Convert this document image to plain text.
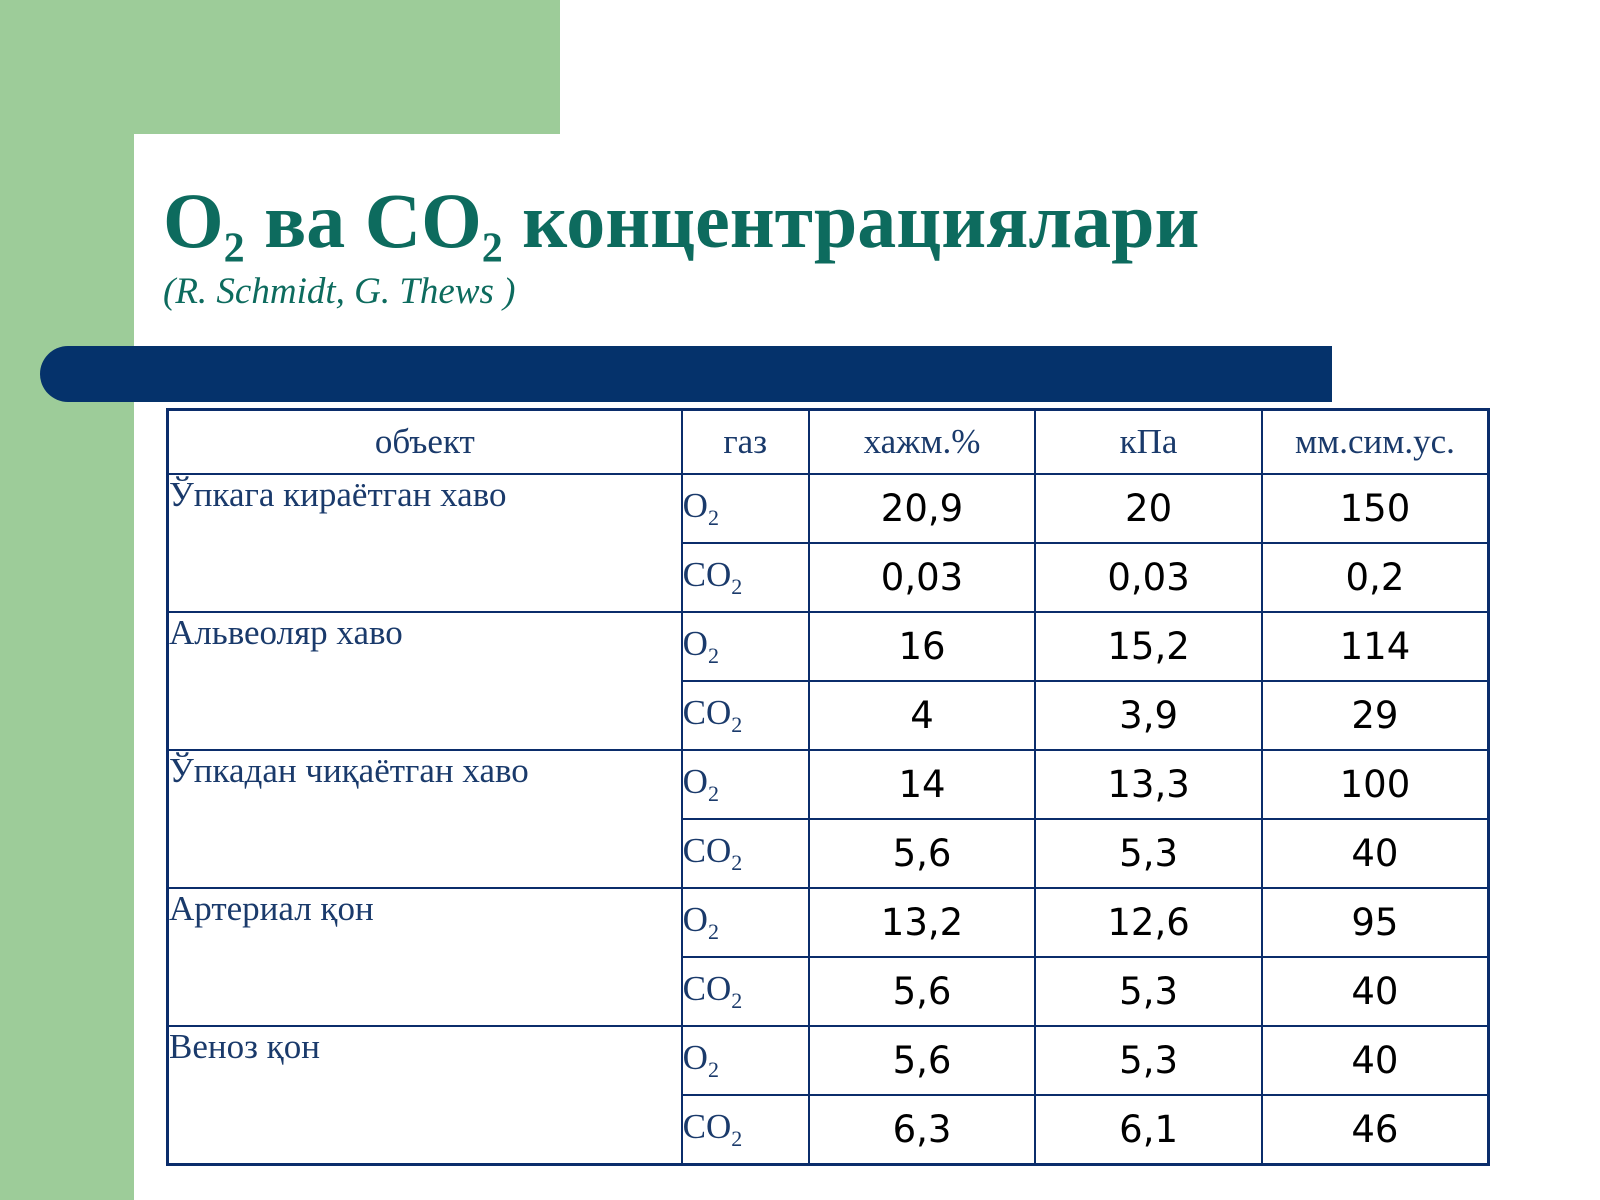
$O_2$ ва $CO_2$ концентрациялари

(R. Schmidt, G. Thews )

объект	газ	хажм.%	кПа	мм.сим.ус.
Ўпкага кираётган хаво	$O_2$	20,9	20	150
	$CO_2$	0,03	0,03	0,2
Альвеоляр хаво	$O_2$	16	15,2	114
	$CO_2$	4	3,9	29
Ўпкадан чиқаётган хаво	$O_2$	14	13,3	100
	$CO_2$	5,6	5,3	40
Артериал қон	$O_2$	13,2	12,6	95
	$CO_2$	5,6	5,3	40
Веноз қон	$O_2$	5,6	5,3	40
	$CO_2$	6,3	6,1	46
